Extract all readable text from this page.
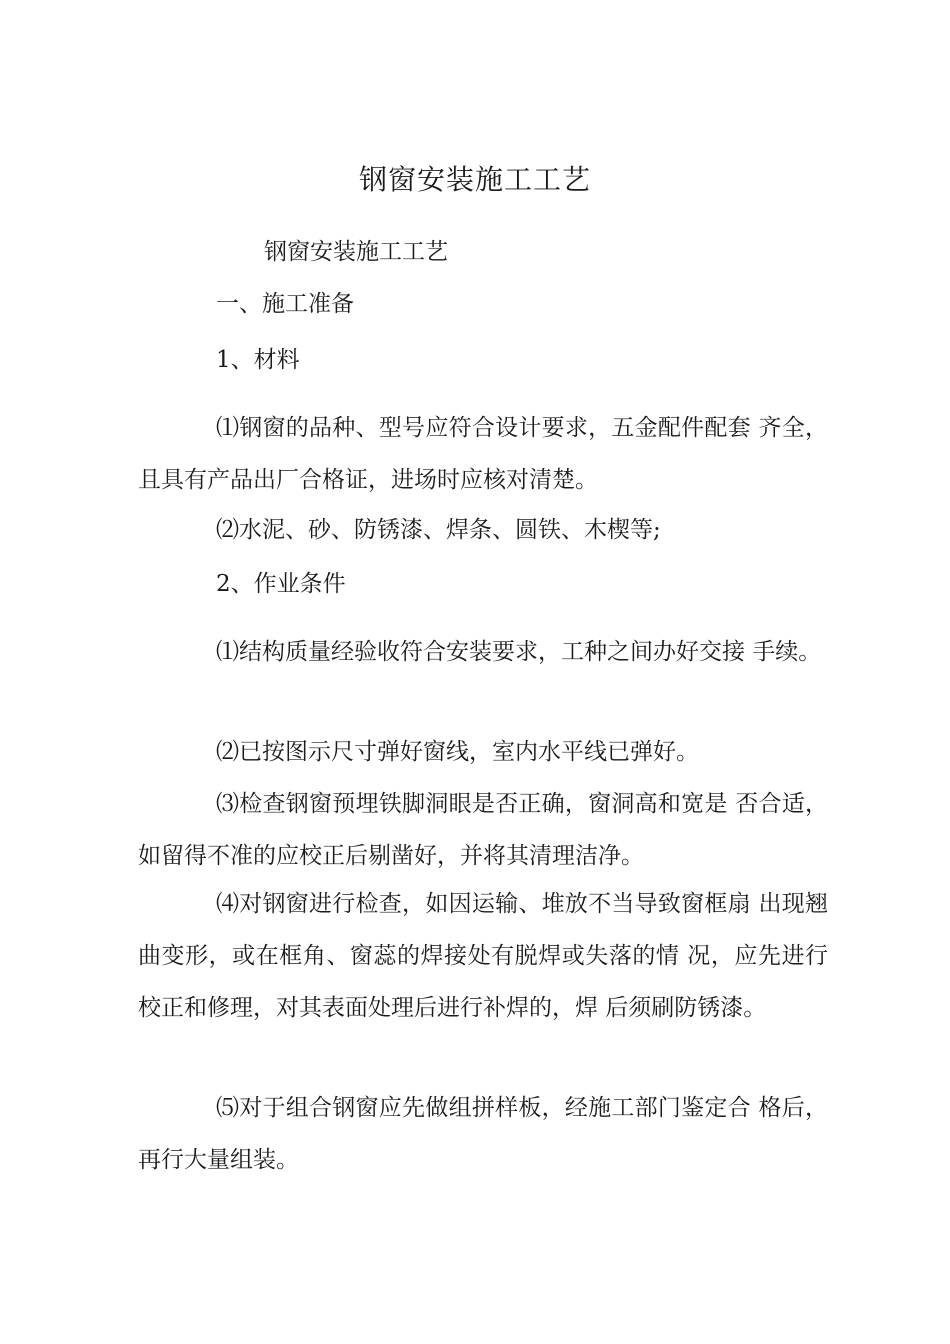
钢窗安装施工工艺
钢窗安装施工工艺
一、施工准备
1、材料

⑴钢窗的品种、型号应符合设计要求，五金配件配套 齐全，且具有产品出厂合格证，进场时应核对清楚。

⑵水泥、砂、防锈漆、焊条、圆铁、木楔等;

2、作业条件

⑴结构质量经验收符合安装要求，工种之间办好交接 手续。

⑵已按图示尺寸弹好窗线，室内水平线已弹好。

⑶检查钢窗预埋铁脚洞眼是否正确，窗洞高和宽是 否合适，如留得不准的应校正后剔凿好，并将其清理洁净。

⑷对钢窗进行检查，如因运输、堆放不当导致窗框扇 出现翘曲变形，或在框角、窗蕊的焊接处有脱焊或失落的情 况，应先进行校正和修理，对其表面处理后进行补焊的，焊 后须刷防锈漆。

⑸对于组合钢窗应先做组拼样板，经施工部门鉴定合 格后，再行大量组装。
